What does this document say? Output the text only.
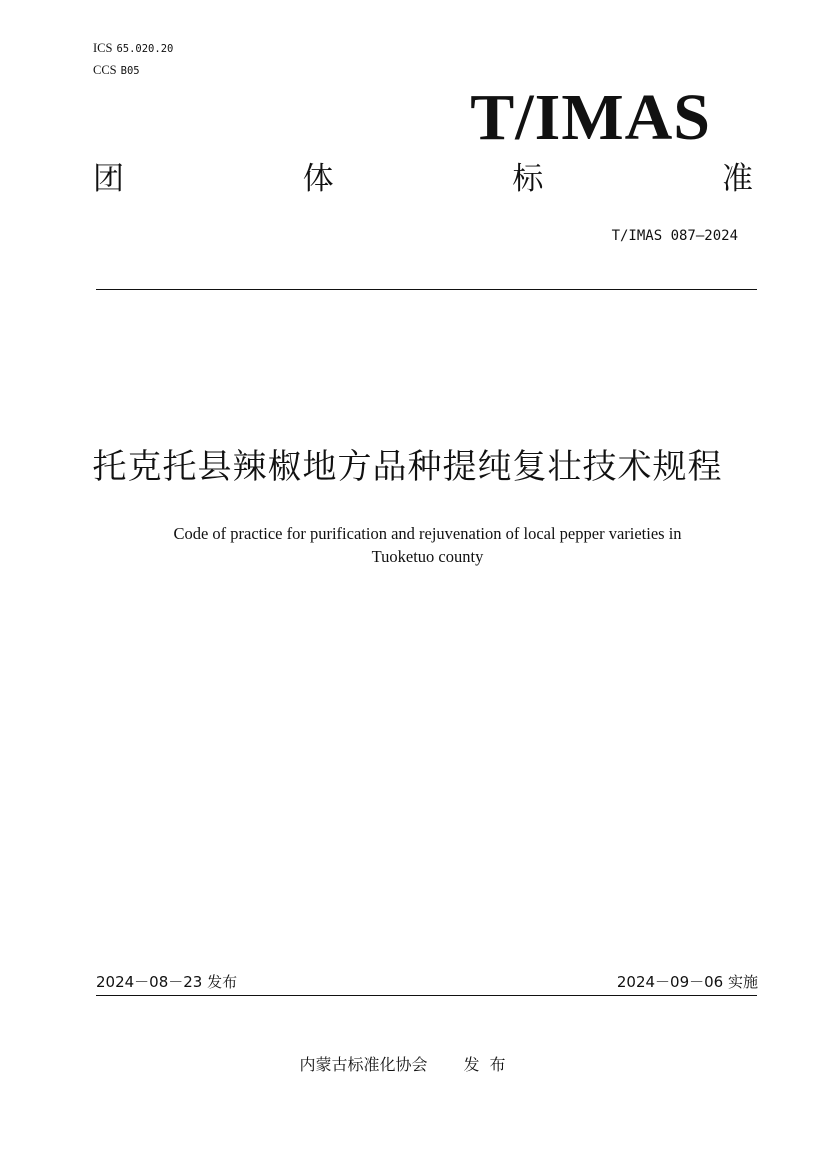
ICS 65.020.20
CCS B05
T/IMAS
团	体	标	准
T/IMAS 087—2024
托克托县辣椒地方品种提纯复壮技术规程
Code of practice for purification and rejuvenation of local pepper varieties in
Tuoketuo county
2024－08－23 发布	2024－09－06 实施
内蒙古标准化协会 发布
